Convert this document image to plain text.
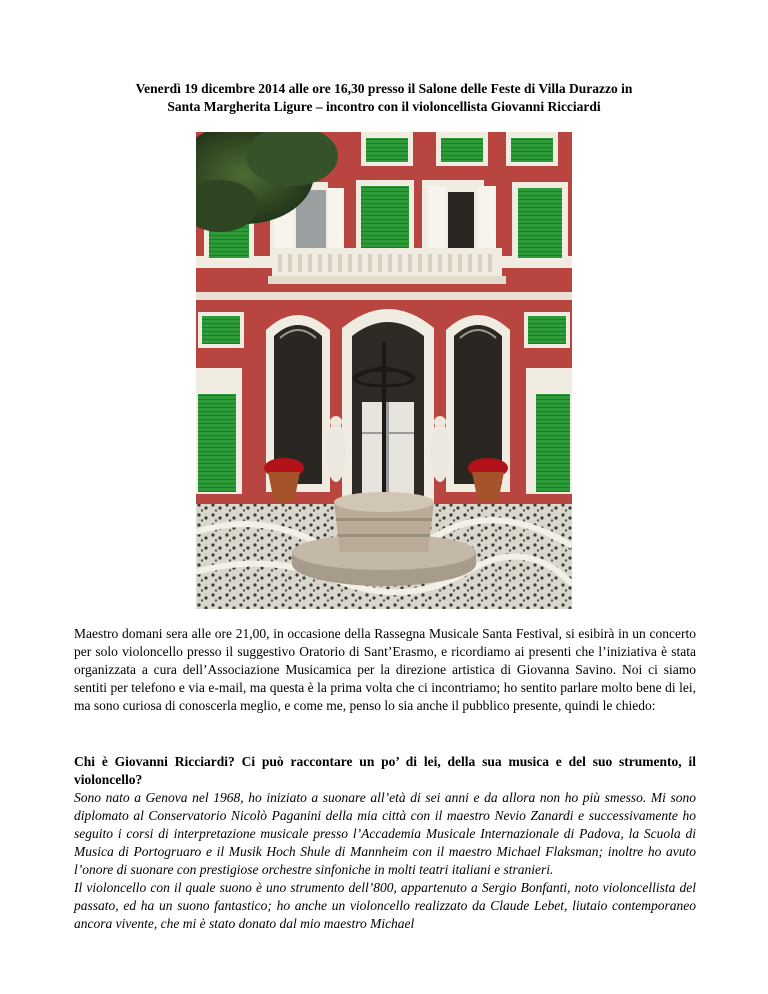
Venerdì 19 dicembre 2014 alle ore 16,30 presso il Salone delle Feste di Villa Durazzo in
Santa Margherita Ligure – incontro con il violoncellista Giovanni Ricciardi
Maestro domani sera alle ore 21,00, in occasione della Rassegna Musicale Santa Festival, si esibirà in un concerto per solo violoncello presso il suggestivo Oratorio di Sant’Erasmo, e ricordiamo ai presenti che l’iniziativa è stata organizzata a cura dell’Associazione Musicamica per la direzione artistica di Giovanna Savino. Noi ci siamo sentiti per telefono e via e-mail, ma questa è la prima volta che ci incontriamo; ho sentito parlare molto bene di lei, ma sono curiosa di conoscerla meglio, e come me, penso lo sia anche il pubblico presente, quindi le chiedo:
Chi è Giovanni Ricciardi? Ci può raccontare un po’ di lei, della sua musica e del suo strumento, il violoncello?

Sono nato a Genova nel 1968, ho iniziato a suonare all’età di sei anni e da allora non ho più smesso. Mi sono diplomato al Conservatorio Nicolò Paganini della mia città con il maestro Nevio Zanardi e successivamente ho seguito i corsi di interpretazione musicale presso l’Accademia Musicale Internazionale di Padova, la Scuola di Musica di Portogruaro e il Musik Hoch Shule di Mannheim con il maestro Michael Flaksman; inoltre ho avuto l’onore di suonare con prestigiose orchestre sinfoniche in molti teatri italiani e stranieri.

Il violoncello con il quale suono è uno strumento dell’800, appartenuto a Sergio Bonfanti, noto violoncellista del passato, ed ha un suono fantastico; ho anche un violoncello realizzato da Claude Lebet, liutaio contemporaneo ancora vivente, che mi è stato donato dal mio maestro Michael
